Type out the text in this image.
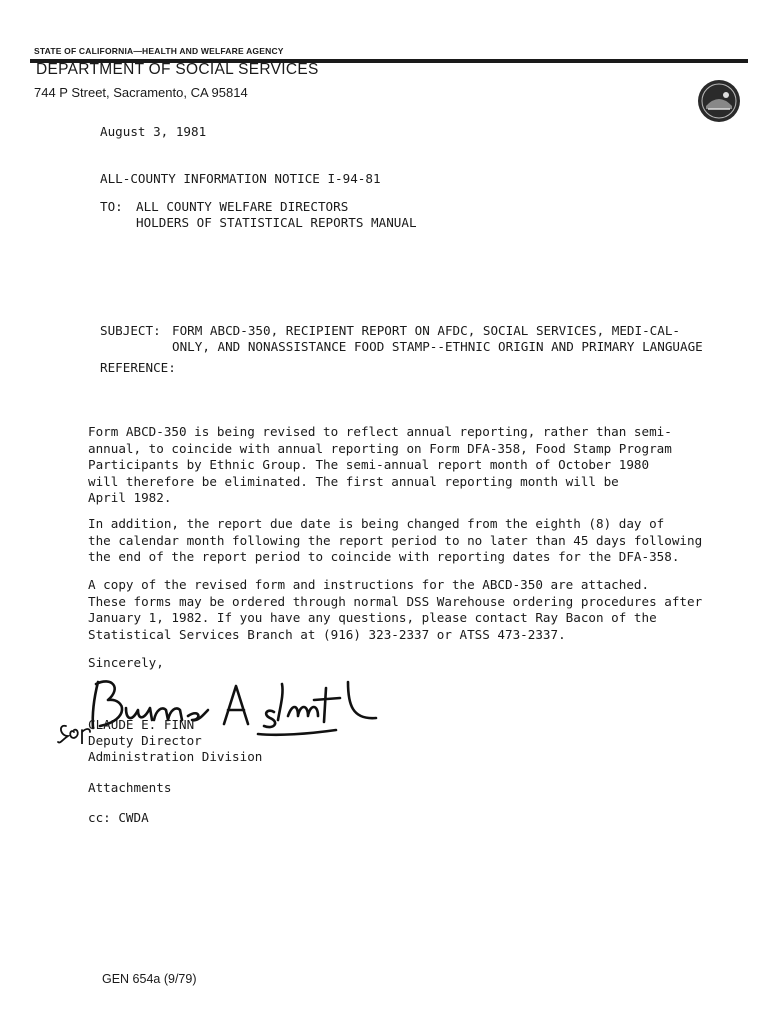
STATE OF CALIFORNIA—HEALTH AND WELFARE AGENCY
DEPARTMENT OF SOCIAL SERVICES
744 P Street, Sacramento, CA 95814
August 3, 1981
ALL-COUNTY INFORMATION NOTICE I-94-81
TO: ALL COUNTY WELFARE DIRECTORS
HOLDERS OF STATISTICAL REPORTS MANUAL
SUBJECT: FORM ABCD-350, RECIPIENT REPORT ON AFDC, SOCIAL SERVICES, MEDI-CAL-
ONLY, AND NONASSISTANCE FOOD STAMP--ETHNIC ORIGIN AND PRIMARY LANGUAGE
REFERENCE:
Form ABCD-350 is being revised to reflect annual reporting, rather than semi-
annual, to coincide with annual reporting on Form DFA-358, Food Stamp Program
Participants by Ethnic Group. The semi-annual report month of October 1980
will therefore be eliminated. The first annual reporting month will be
April 1982.
In addition, the report due date is being changed from the eighth (8) day of
the calendar month following the report period to no later than 45 days following
the end of the report period to coincide with reporting dates for the DFA-358.
A copy of the revised form and instructions for the ABCD-350 are attached.
These forms may be ordered through normal DSS Warehouse ordering procedures after
January 1, 1982. If you have any questions, please contact Ray Bacon of the
Statistical Services Branch at (916) 323-2337 or ATSS 473-2337.
Sincerely,
CLAUDE E. FINN
Deputy Director
Administration Division
Attachments
cc: CWDA
GEN 654a (9/79)
